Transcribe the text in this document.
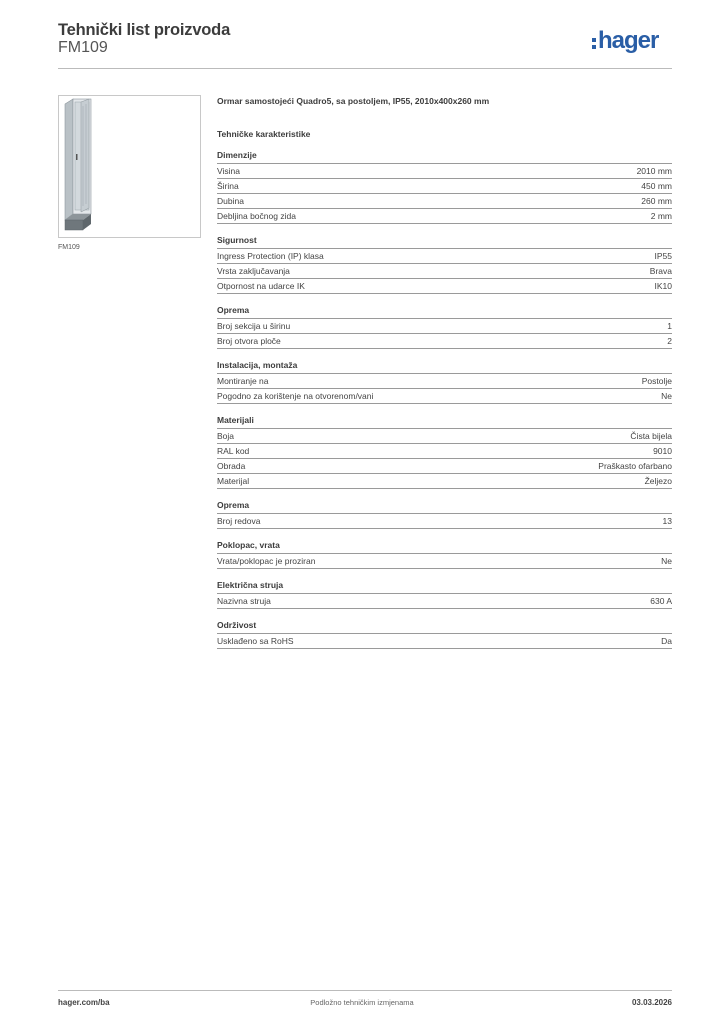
Tehnički list proizvoda
FM109	hager
FM109
Ormar samostojeći Quadro5, sa postoljem, IP55, 2010x400x260 mm
Tehničke karakteristike
Dimenzije
Visina	2010 mm
Širina	450 mm
Dubina	260 mm
Debljina bočnog zida	2 mm
Sigurnost
Ingress Protection (IP) klasa	IP55
Vrsta zaključavanja	Brava
Otpornost na udarce IK	IK10
Oprema
Broj sekcija u širinu	1
Broj otvora ploče	2
Instalacija, montaža
Montiranje na	Postolje
Pogodno za korištenje na otvorenom/vani	Ne
Materijali
Boja	Čista bijela
RAL kod	9010
Obrada	Praškasto ofarbano
Materijal	Željezo
Oprema
Broj redova	13
Poklopac, vrata
Vrata/poklopac je proziran	Ne
Električna struja
Nazivna struja	630 A
Održivost
Usklađeno sa RoHS	Da
hager.com/ba	Podložno tehničkim izmjenama	03.03.2026
